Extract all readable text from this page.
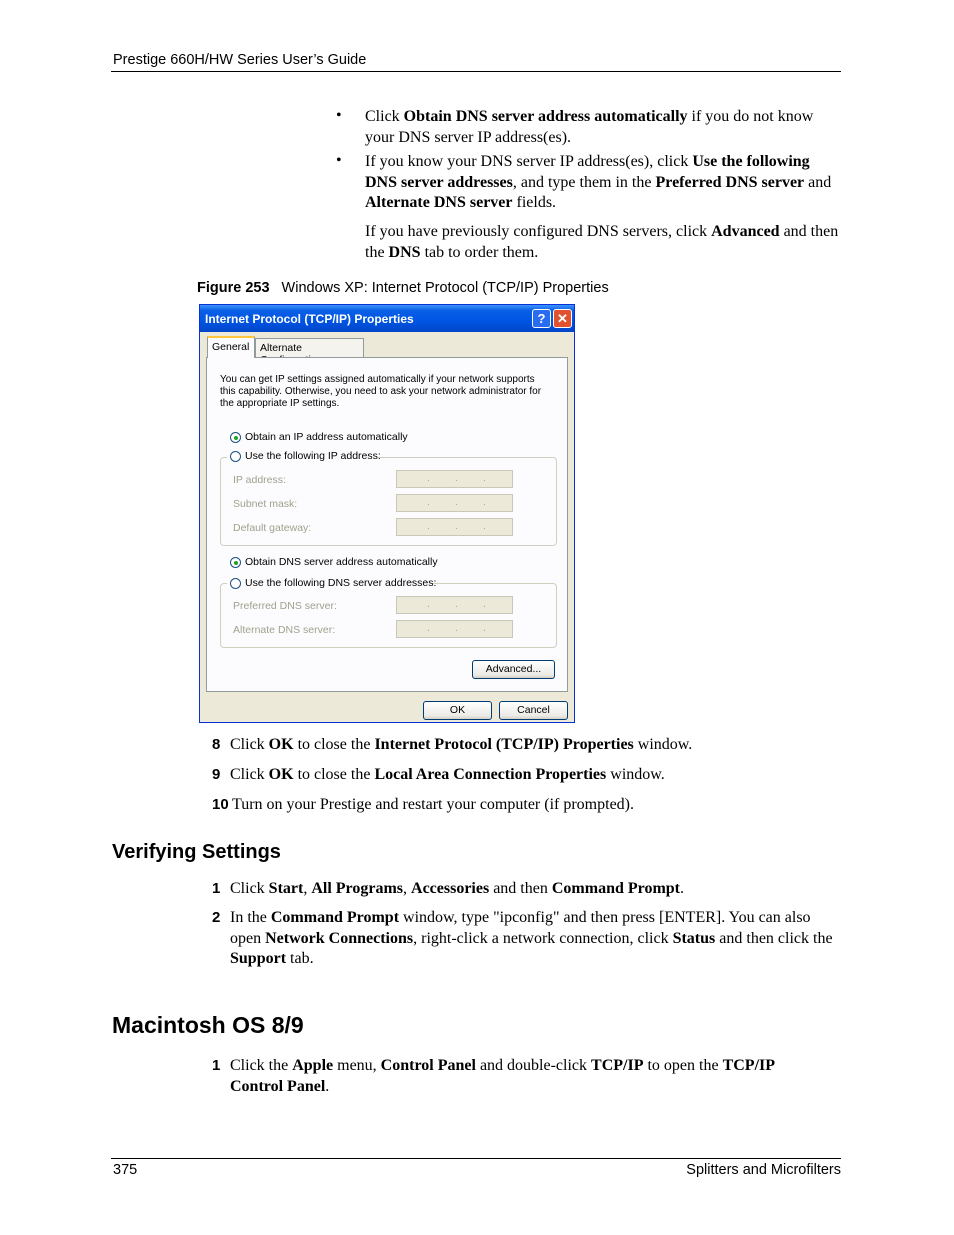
Prestige 660H/HW Series User’s Guide
• Click Obtain DNS server address automatically if you do not know your DNS server IP address(es).
• If you know your DNS server IP address(es), click Use the following DNS server addresses, and type them in the Preferred DNS server and Alternate DNS server fields.
If you have previously configured DNS servers, click Advanced and then the DNS tab to order them.
Figure 253 Windows XP: Internet Protocol (TCP/IP) Properties
Internet Protocol (TCP/IP) Properties	? ✕
General	Alternate
You can get IP settings assigned automatically if your network supports this capability. Otherwise, you need to ask your network administrator for the appropriate IP settings.
Obtain an IP address automatically
Use the following IP address:
IP address:	.	.	.
Subnet mask:	.	.	.
Default gateway:	.	.	.
Obtain DNS server address automatically
Use the following DNS server addresses:
Preferred DNS server:	.	.	.
Alternate DNS server:	.	.	.
Advanced...
OK	Cancel
8 Click OK to close the Internet Protocol (TCP/IP) Properties window.
9 Click OK to close the Local Area Connection Properties window.
10 Turn on your Prestige and restart your computer (if prompted).
Verifying Settings
1 Click Start, All Programs, Accessories and then Command Prompt.
2 In the Command Prompt window, type "ipconfig" and then press [ENTER]. You can also open Network Connections, right-click a network connection, click Status and then click the Support tab.
Macintosh OS 8/9
1 Click the Apple menu, Control Panel and double-click TCP/IP to open the TCP/IP Control Panel.
375	Splitters and Microfilters
